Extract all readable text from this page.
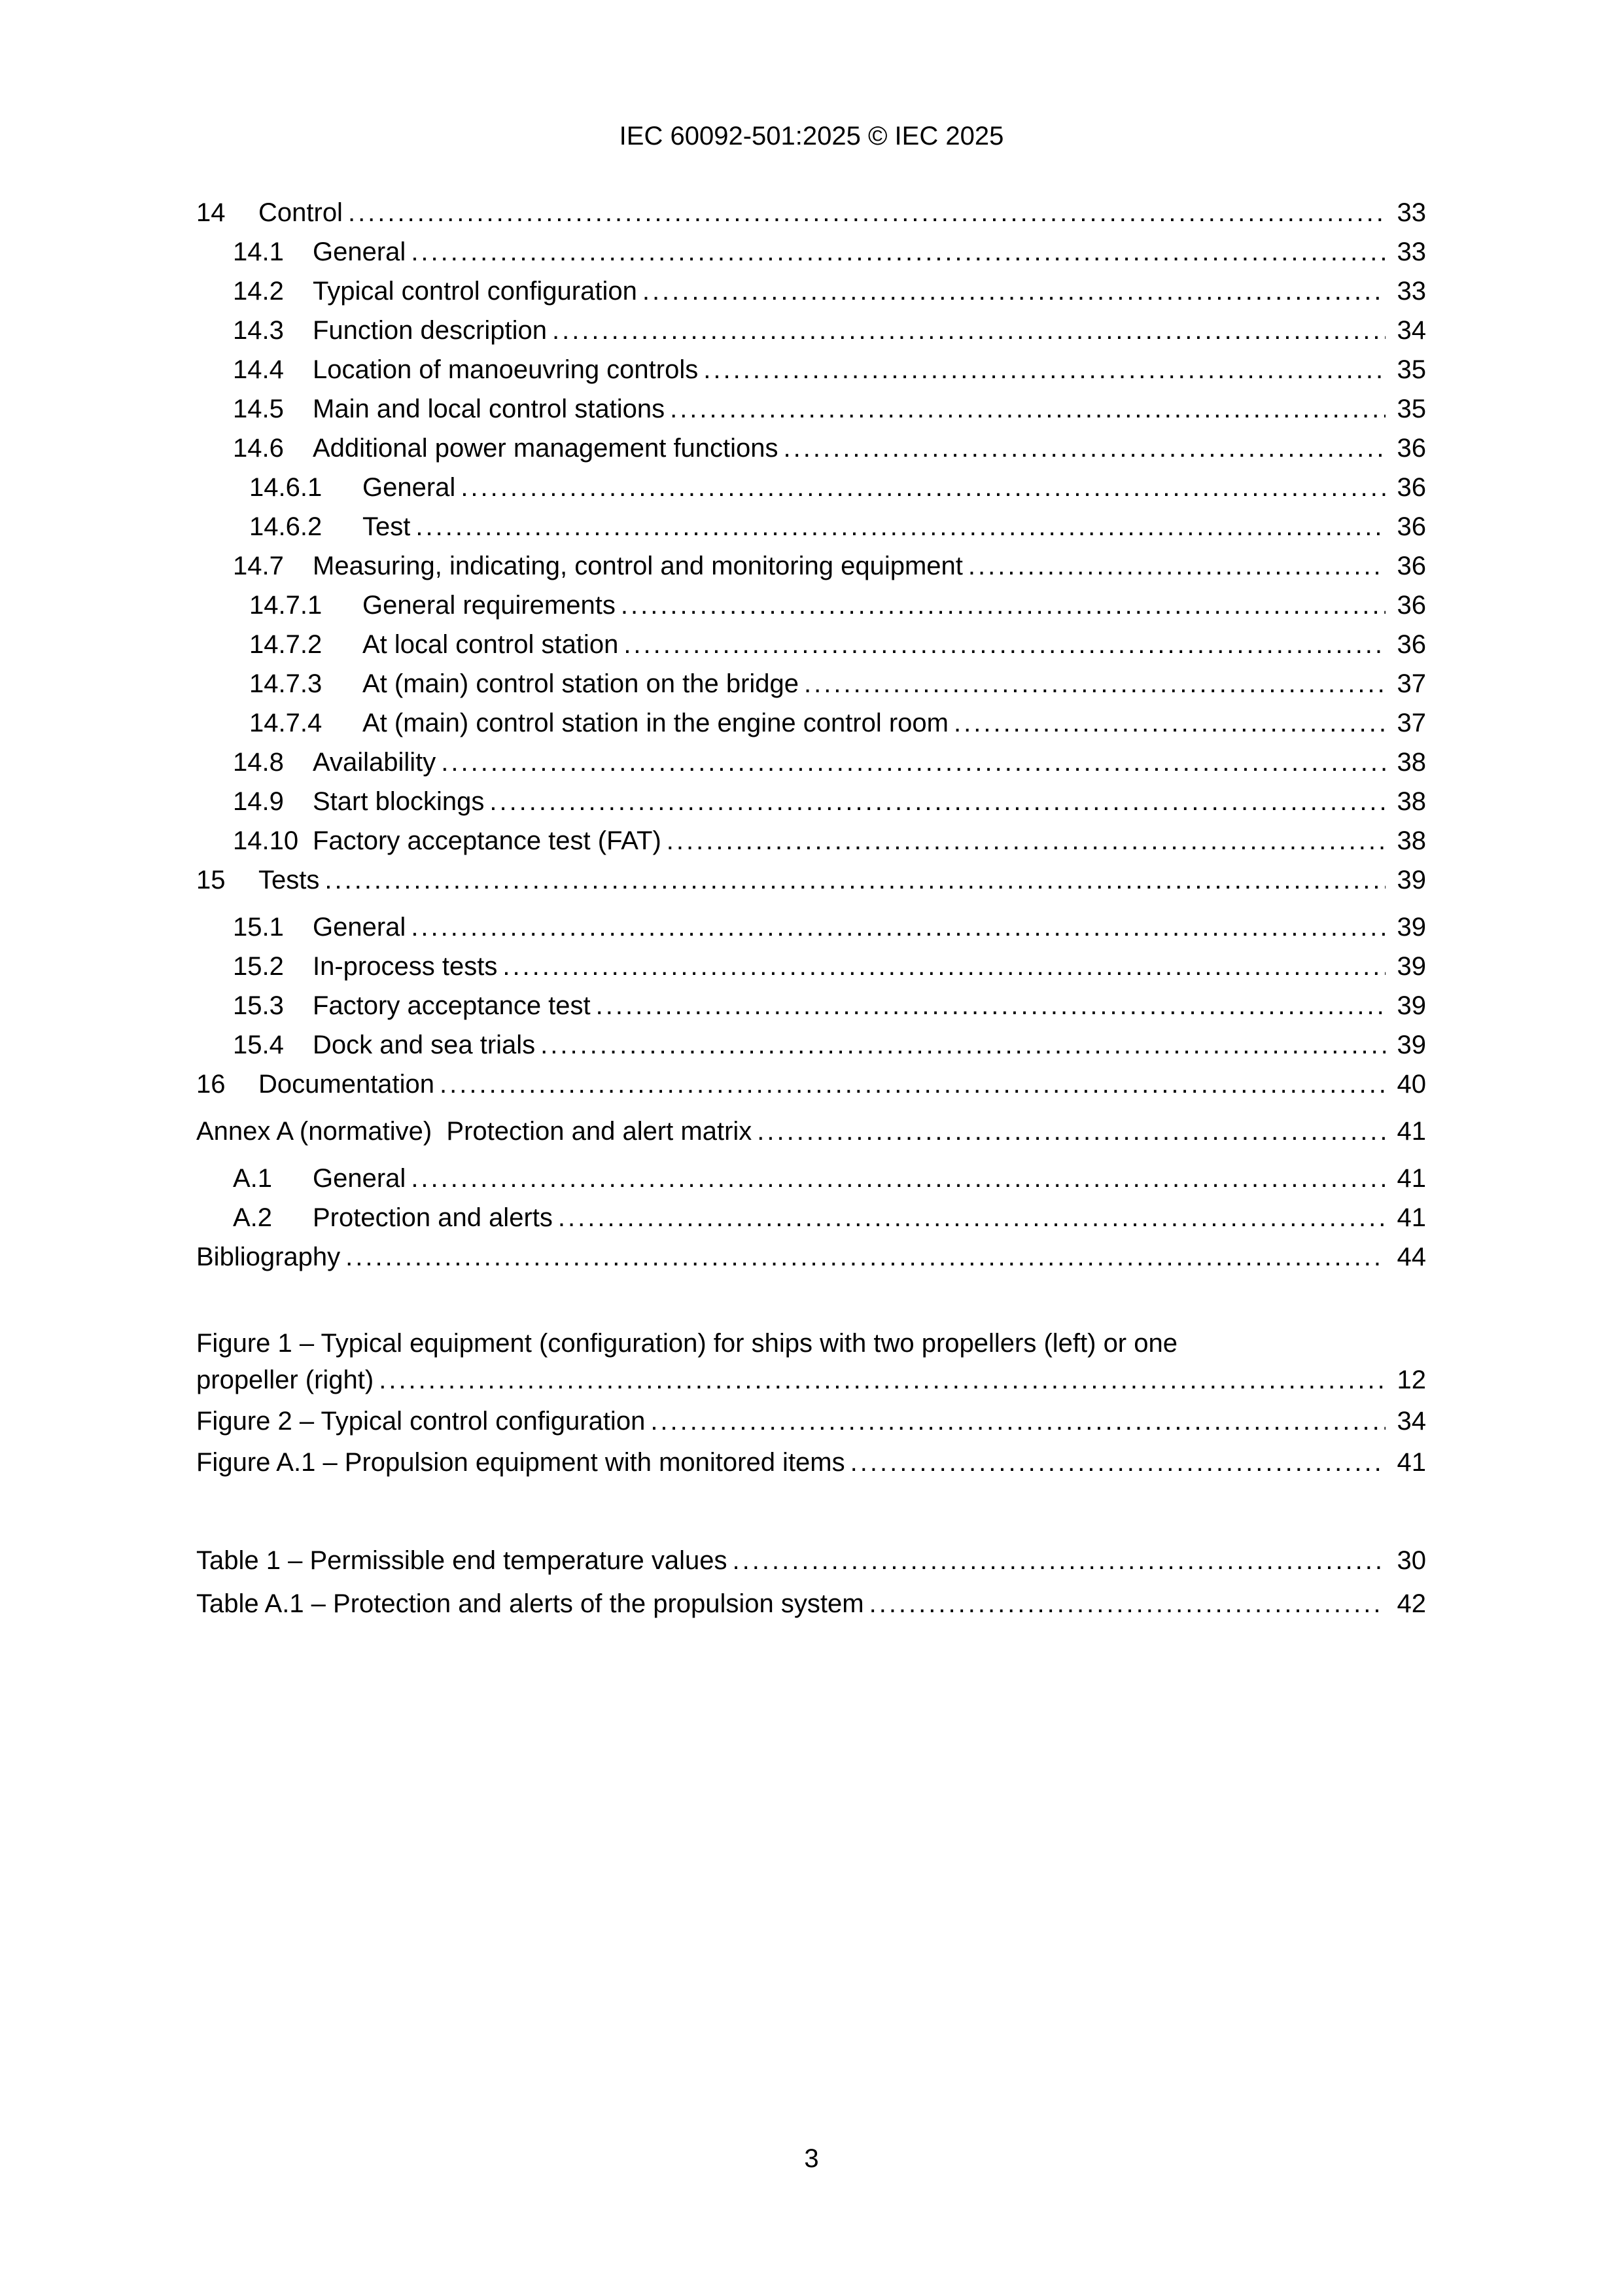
IEC 60092-501:2025 © IEC 2025
14	Control .....	33
14.1	General .....	33
14.2	Typical control configuration .....	33
14.3	Function description .....	34
14.4	Location of manoeuvring controls .....	35
14.5	Main and local control stations .....	35
14.6	Additional power management functions .....	36
14.6.1	General .....	36
14.6.2	Test .....	36
14.7	Measuring, indicating, control and monitoring equipment .....	36
14.7.1	General requirements .....	36
14.7.2	At local control station .....	36
14.7.3	At (main) control station on the bridge .....	37
14.7.4	At (main) control station in the engine control room .....	37
14.8	Availability .....	38
14.9	Start blockings .....	38
14.10 Factory acceptance test (FAT) .....	38
15	Tests .....	39
15.1	General .....	39
15.2	In-process tests .....	39
15.3	Factory acceptance test .....	39
15.4	Dock and sea trials .....	39
16	Documentation .....	40
Annex A (normative)  Protection and alert matrix .....	41
A.1	General .....	41
A.2	Protection and alerts .....	41
Bibliography .....	44
Figure 1 – Typical equipment (configuration) for ships with two propellers (left) or one
propeller (right) .....	12
Figure 2 – Typical control configuration .....	34
Figure A.1 – Propulsion equipment with monitored items .....	41
Table 1 – Permissible end temperature values .....	30
Table A.1 – Protection and alerts of the propulsion system .....	42
3
